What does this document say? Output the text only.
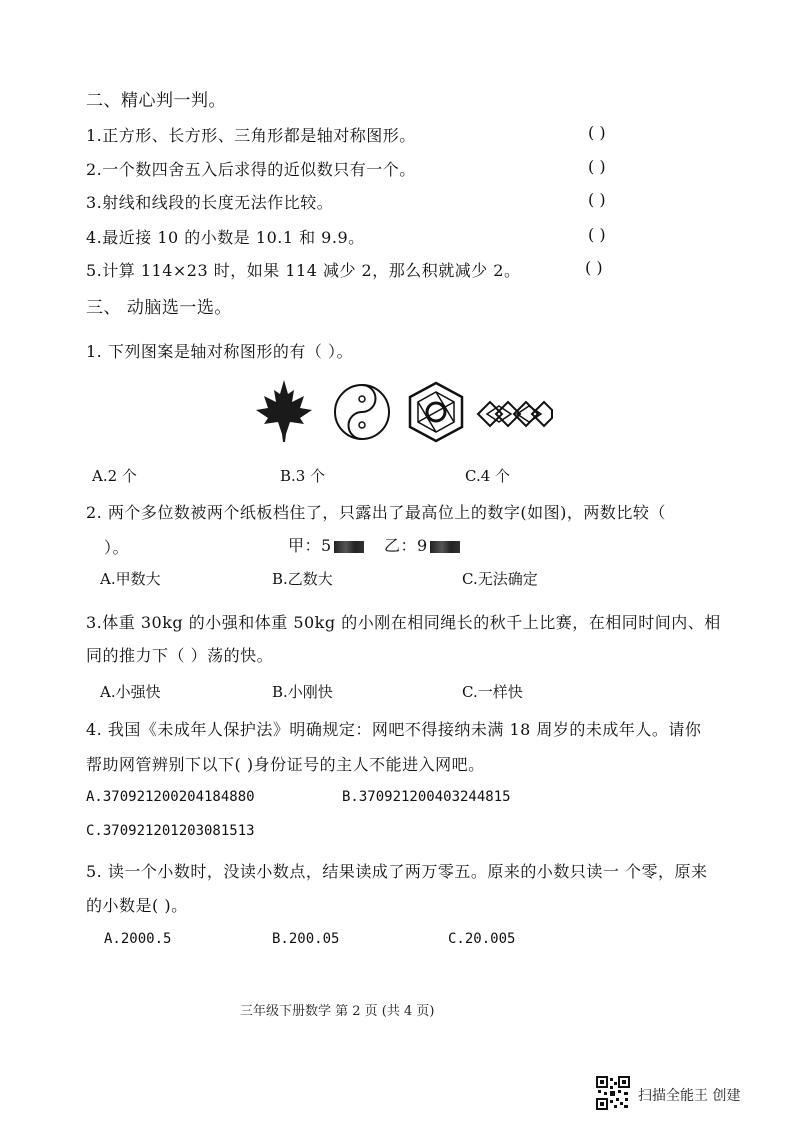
二、精心判一判。
1.正方形、长方形、三角形都是轴对称图形。	( )
2.一个数四舍五入后求得的近似数只有一个。	( )
3.射线和线段的长度无法作比较。	( )
4.最近接 10 的小数是 10.1 和 9.9。	( )
5.计算 114×23 时，如果 114 减少 2，那么积就减少 2。	( )
三、 动脑选一选。
1. 下列图案是轴对称图形的有（ ）。
A.2 个	B.3 个	C.4 个
2. 两个多位数被两个纸板档住了，只露出了最高位上的数字(如图)，两数比较（
）。	甲：5	乙：9
A.甲数大	B.乙数大	C.无法确定
3.体重 30kg 的小强和体重 50kg 的小刚在相同绳长的秋千上比赛，在相同时间内、相
同的推力下（ ）荡的快。
A.小强快	B.小刚快	C.一样快
4. 我国《未成年人保护法》明确规定：网吧不得接纳未满 18 周岁的未成年人。请你
帮助网管辨别下以下( )身份证号的主人不能进入网吧。
A.370921200204184880	B.370921200403244815
C.370921201203081513
5. 读一个小数时，没读小数点，结果读成了两万零五。原来的小数只读一 个零，原来
的小数是( )。
A.2000.5	B.200.05	C.20.005
三年级下册数学 第 2 页 (共 4 页)
扫描全能王 创建
